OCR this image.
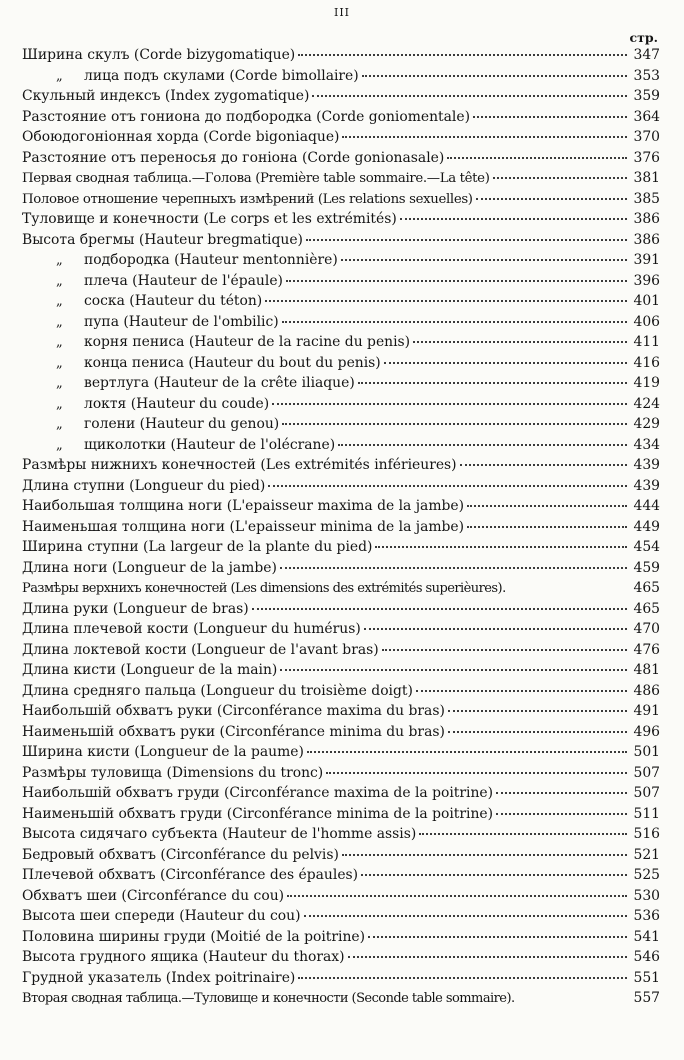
III
стр.
Ширина скулъ (Corde bizygomatique)	347
„	лица подъ скулами (Corde bimollaire)	353
Скульный индексъ (Index zygomatique)	359
Разстояние отъ гониона до подбородка (Corde goniomentale)	364
Обоюдогоніонная хорда (Corde bigoniaque)	370
Разстояние отъ переносья до гоніона (Corde gonionasale)	376
Первая сводная таблица.—Голова (Première table sommaire.—La tête)	381
Половое отношение черепныхъ измѣрений (Les relations sexuelles)	385
Туловище и конечности (Le corps et les extrémités)	386
Высота брегмы (Hauteur bregmatique)	386
„	подбородка (Hauteur mentonnière)	391
„	плеча (Hauteur de l'épaule)	396
„	соска (Hauteur du téton)	401
„	пупа (Hauteur de l'ombilic)	406
„	корня пениса (Hauteur de la racine du penis)	411
„	конца пениса (Hauteur du bout du penis)	416
„	вертлуга (Hauteur de la crête iliaque)	419
„	локтя (Hauteur du coude)	424
„	голени (Hauteur du genou)	429
„	щиколотки (Hauteur de l'olécrane)	434
Размѣры нижнихъ конечностей (Les extrémités inférieures)	439
Длина ступни (Longueur du pied)	439
Наибольшая толщина ноги (L'epaisseur maxima de la jambe)	444
Наименьшая толщина ноги (L'epaisseur minima de la jambe)	449
Ширина ступни (La largeur de la plante du pied)	454
Длина ноги (Longueur de la jambe)	459
Размѣры верхнихъ конечностей (Les dimensions des extrémités superièures).	465
Длина руки (Longueur de bras)	465
Длина плечевой кости (Longueur du humérus)	470
Длина локтевой кости (Longueur de l'avant bras)	476
Длина кисти (Longueur de la main)	481
Длина средняго пальца (Longueur du troisième doigt)	486
Наибольшій обхватъ руки (Circonférance maxima du bras)	491
Наименьшій обхватъ руки (Circonférance minima du bras)	496
Ширина кисти (Longueur de la paume)	501
Размѣры туловища (Dimensions du tronc)	507
Наибольшій обхватъ груди (Circonférance maxima de la poitrine)	507
Наименьшій обхватъ груди (Circonférance minima de la poitrine)	511
Высота сидячаго субъекта (Hauteur de l'homme assis)	516
Бедровый обхватъ (Circonférance du pelvis)	521
Плечевой обхватъ (Circonférance des épaules)	525
Обхватъ шеи (Circonférance du cou)	530
Высота шеи спереди (Hauteur du cou)	536
Половина ширины груди (Moitié de la poitrine)	541
Высота грудного ящика (Hauteur du thorax)	546
Грудной указатель (Index poitrinaire)	551
Вторая сводная таблица.—Туловище и конечности (Seconde table sommaire).	557
